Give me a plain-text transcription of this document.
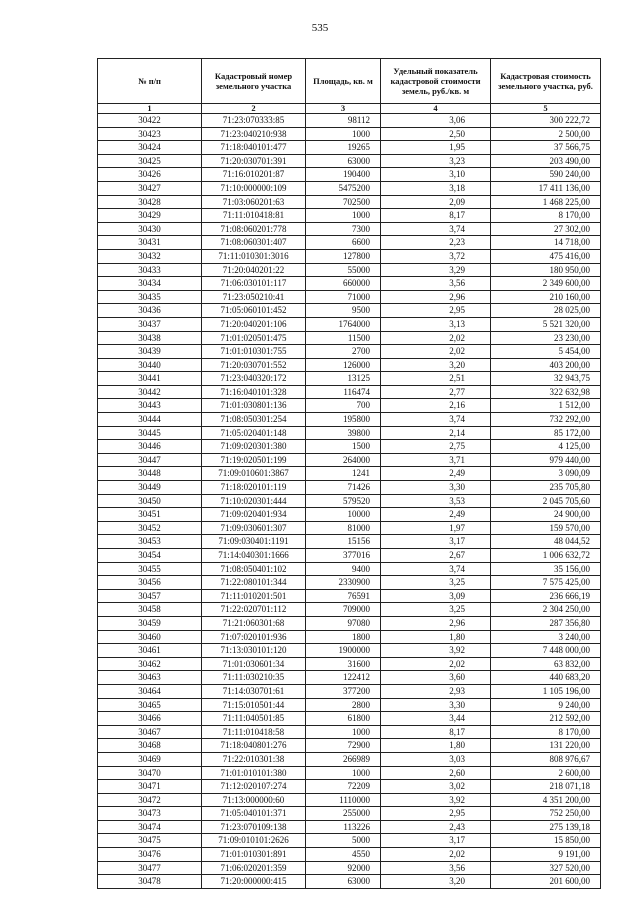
535
№ п/п	Кадастровый номер земельного участка	Площадь, кв. м	Удельный показатель кадастровой стоимости земель, руб./кв. м	Кадастровая стоимость земельного участка, руб.
1	2	3	4	5
30422	71:23:070333:85	98112	3,06	300 222,72
30423	71:23:040210:938	1000	2,50	2 500,00
30424	71:18:040101:477	19265	1,95	37 566,75
30425	71:20:030701:391	63000	3,23	203 490,00
30426	71:16:010201:87	190400	3,10	590 240,00
30427	71:10:000000:109	5475200	3,18	17 411 136,00
30428	71:03:060201:63	702500	2,09	1 468 225,00
30429	71:11:010418:81	1000	8,17	8 170,00
30430	71:08:060201:778	7300	3,74	27 302,00
30431	71:08:060301:407	6600	2,23	14 718,00
30432	71:11:010301:3016	127800	3,72	475 416,00
30433	71:20:040201:22	55000	3,29	180 950,00
30434	71:06:030101:117	660000	3,56	2 349 600,00
30435	71:23:050210:41	71000	2,96	210 160,00
30436	71:05:060101:452	9500	2,95	28 025,00
30437	71:20:040201:106	1764000	3,13	5 521 320,00
30438	71:01:020501:475	11500	2,02	23 230,00
30439	71:01:010301:755	2700	2,02	5 454,00
30440	71:20:030701:552	126000	3,20	403 200,00
30441	71:23:040320:172	13125	2,51	32 943,75
30442	71:16:040101:328	116474	2,77	322 632,98
30443	71:01:030801:136	700	2,16	1 512,00
30444	71:08:050301:254	195800	3,74	732 292,00
30445	71:05:020401:148	39800	2,14	85 172,00
30446	71:09:020301:380	1500	2,75	4 125,00
30447	71:19:020501:199	264000	3,71	979 440,00
30448	71:09:010601:3867	1241	2,49	3 090,09
30449	71:18:020101:119	71426	3,30	235 705,80
30450	71:10:020301:444	579520	3,53	2 045 705,60
30451	71:09:020401:934	10000	2,49	24 900,00
30452	71:09:030601:307	81000	1,97	159 570,00
30453	71:09:030401:1191	15156	3,17	48 044,52
30454	71:14:040301:1666	377016	2,67	1 006 632,72
30455	71:08:050401:102	9400	3,74	35 156,00
30456	71:22:080101:344	2330900	3,25	7 575 425,00
30457	71:11:010201:501	76591	3,09	236 666,19
30458	71:22:020701:112	709000	3,25	2 304 250,00
30459	71:21:060301:68	97080	2,96	287 356,80
30460	71:07:020101:936	1800	1,80	3 240,00
30461	71:13:030101:120	1900000	3,92	7 448 000,00
30462	71:01:030601:34	31600	2,02	63 832,00
30463	71:11:030210:35	122412	3,60	440 683,20
30464	71:14:030701:61	377200	2,93	1 105 196,00
30465	71:15:010501:44	2800	3,30	9 240,00
30466	71:11:040501:85	61800	3,44	212 592,00
30467	71:11:010418:58	1000	8,17	8 170,00
30468	71:18:040801:276	72900	1,80	131 220,00
30469	71:22:010301:38	266989	3,03	808 976,67
30470	71:01:010101:380	1000	2,60	2 600,00
30471	71:12:020107:274	72209	3,02	218 071,18
30472	71:13:000000:60	1110000	3,92	4 351 200,00
30473	71:05:040101:371	255000	2,95	752 250,00
30474	71:23:070109:138	113226	2,43	275 139,18
30475	71:09:010101:2626	5000	3,17	15 850,00
30476	71:01:010301:891	4550	2,02	9 191,00
30477	71:06:020201:359	92000	3,56	327 520,00
30478	71:20:000000:415	63000	3,20	201 600,00
